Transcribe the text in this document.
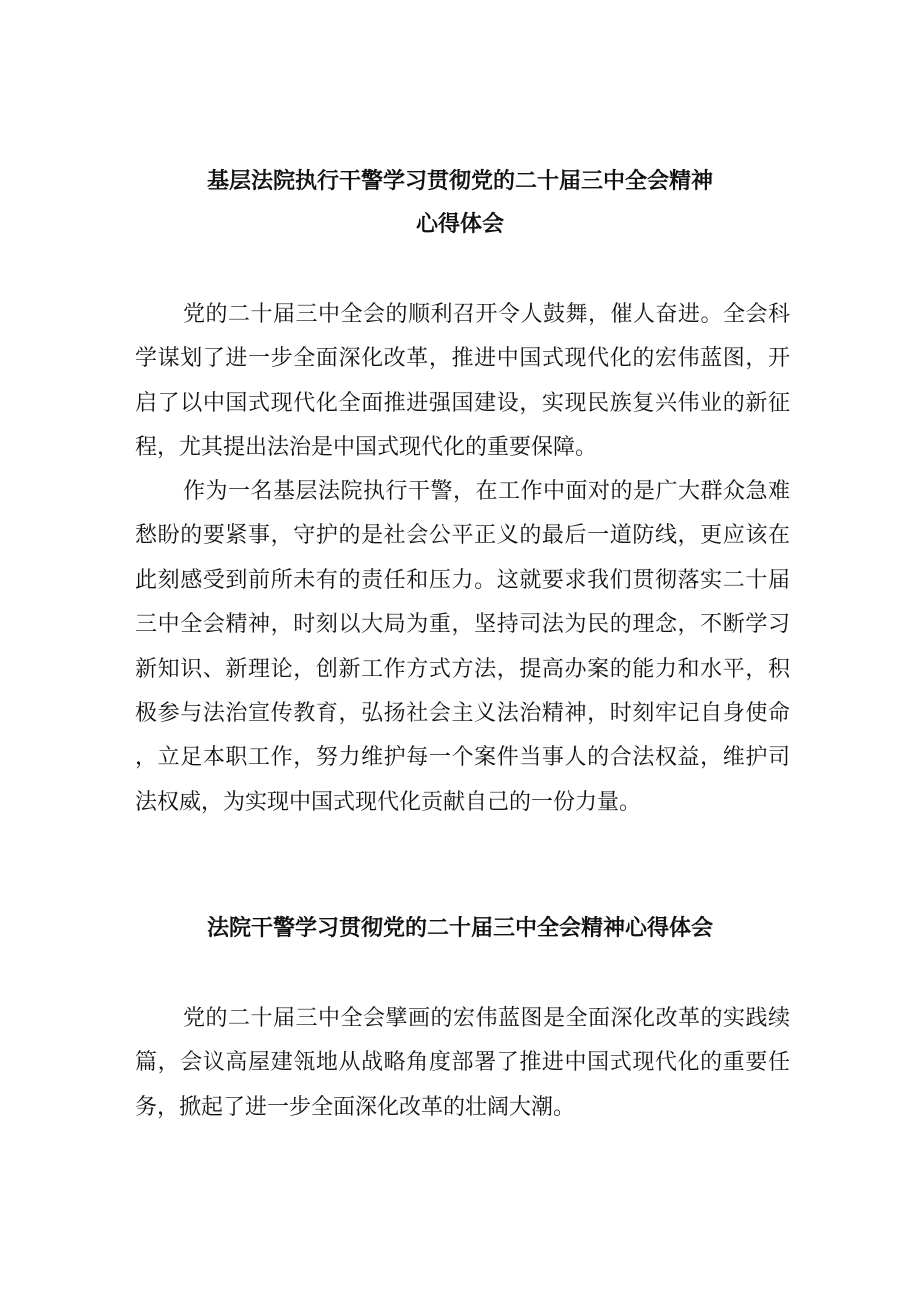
基层法院执行干警学习贯彻党的二十届三中全会精神
心得体会

党的二十届三中全会的顺利召开令人鼓舞，催人奋进。全会科学谋划了进一步全面深化改革，推进中国式现代化的宏伟蓝图，开启了以中国式现代化全面推进强国建设，实现民族复兴伟业的新征程，尤其提出法治是中国式现代化的重要保障。

作为一名基层法院执行干警，在工作中面对的是广大群众急难愁盼的要紧事，守护的是社会公平正义的最后一道防线，更应该在此刻感受到前所未有的责任和压力。这就要求我们贯彻落实二十届三中全会精神，时刻以大局为重，坚持司法为民的理念，不断学习新知识、新理论，创新工作方式方法，提高办案的能力和水平，积极参与法治宣传教育，弘扬社会主义法治精神，时刻牢记自身使命，立足本职工作，努力维护每一个案件当事人的合法权益，维护司法权威，为实现中国式现代化贡献自己的一份力量。

法院干警学习贯彻党的二十届三中全会精神心得体会

党的二十届三中全会擘画的宏伟蓝图是全面深化改革的实践续篇，会议高屋建瓴地从战略角度部署了推进中国式现代化的重要任务，掀起了进一步全面深化改革的壮阔大潮。
